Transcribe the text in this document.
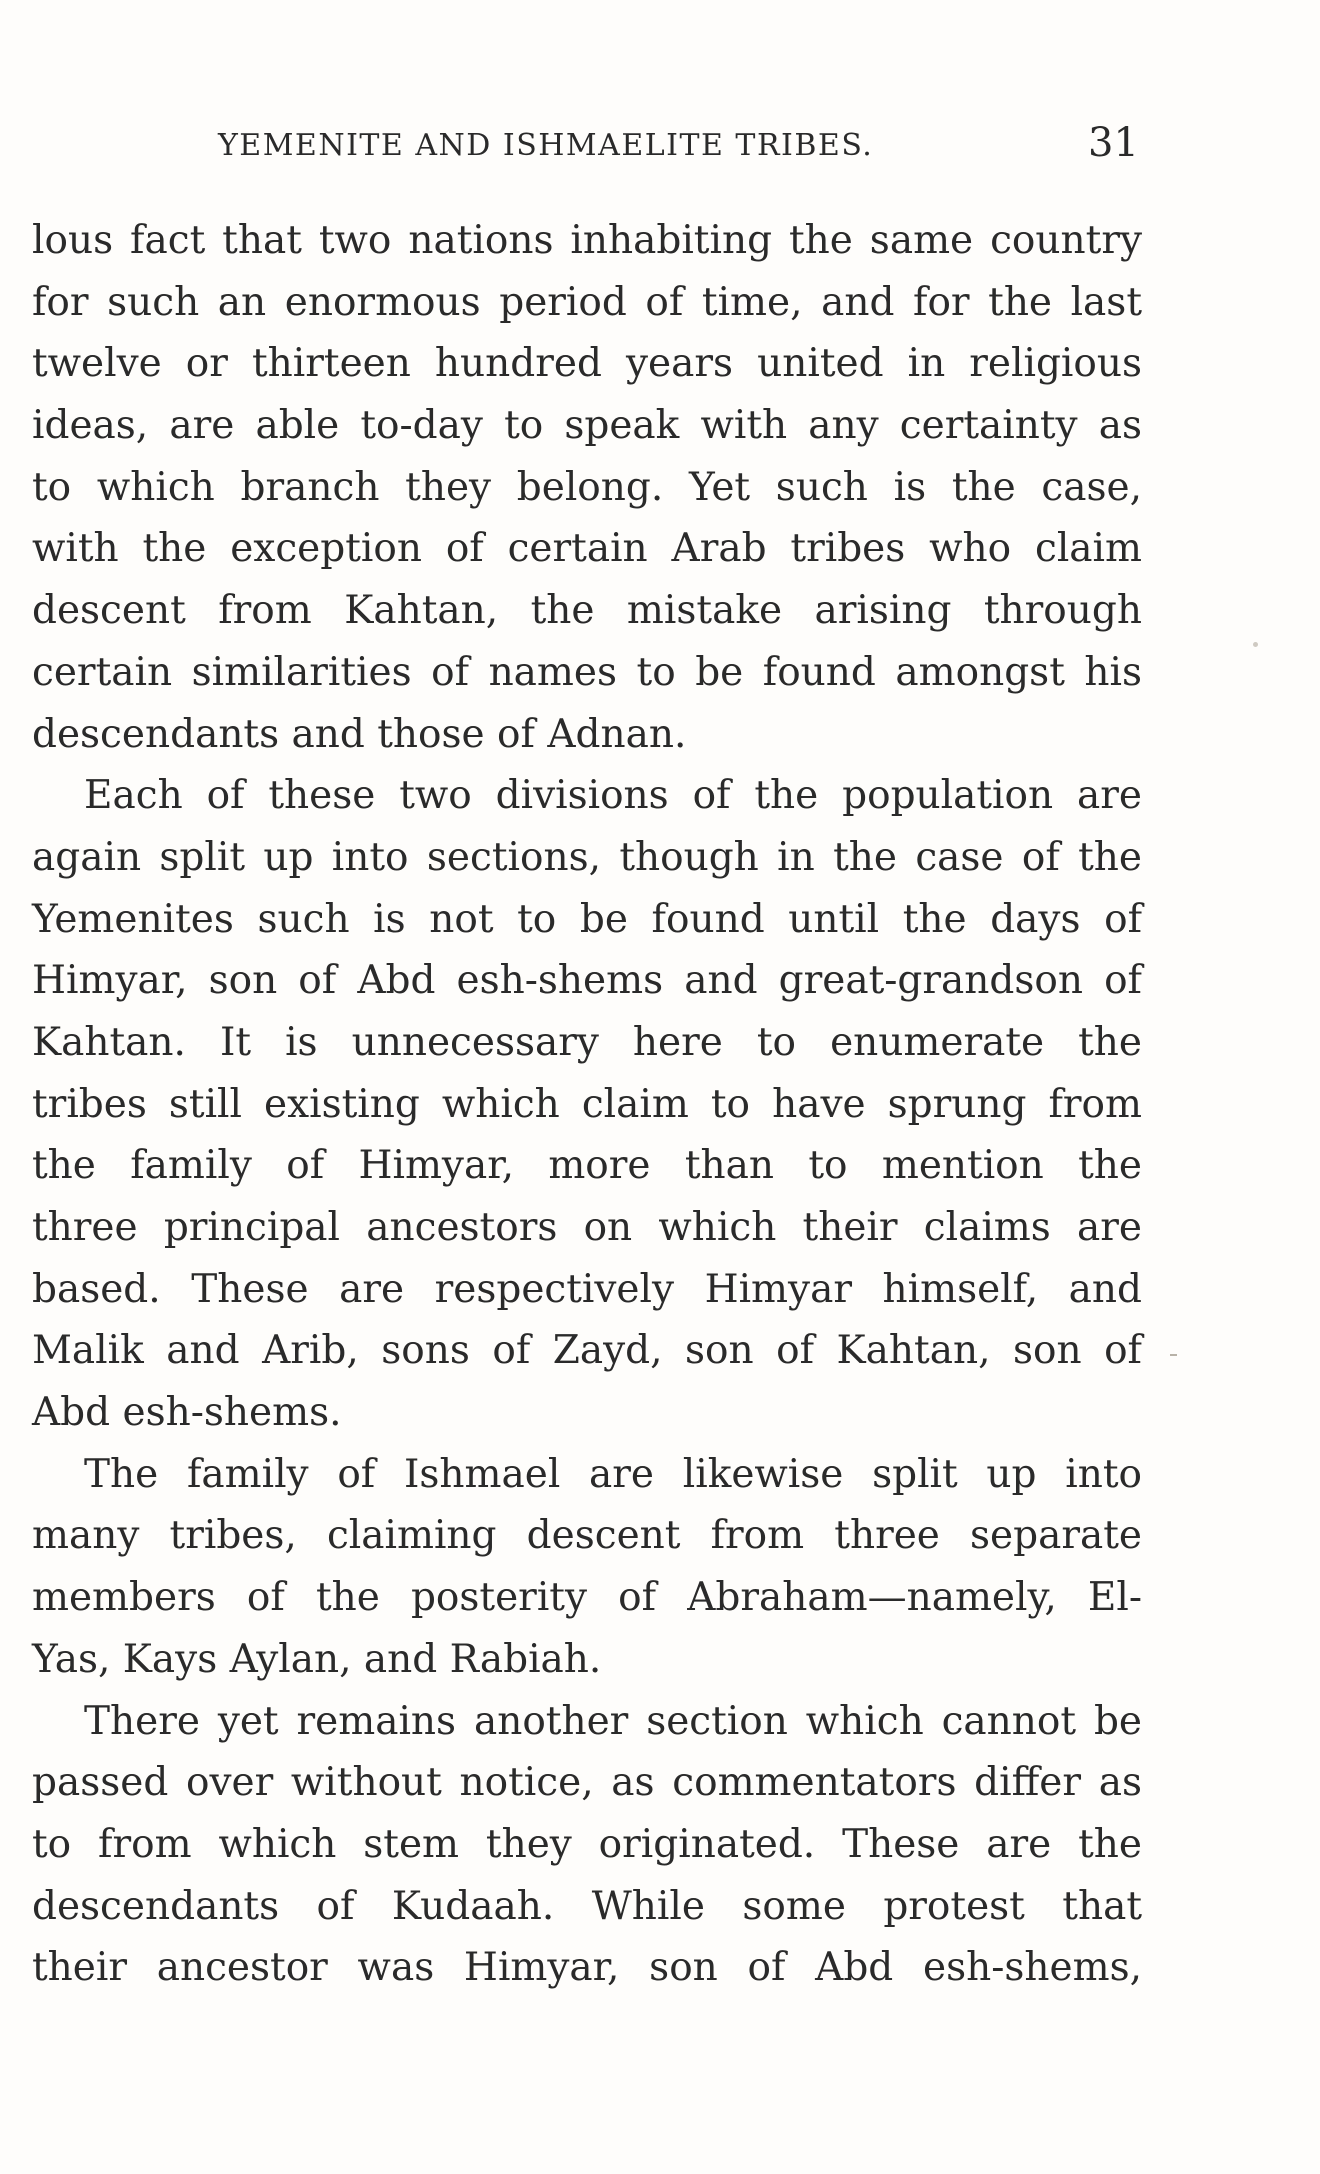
YEMENITE AND ISHMAELITE TRIBES.	31
lous fact that two nations inhabiting the same country
for such an enormous period of time, and for the last
twelve or thirteen hundred years united in religious
ideas, are able to-day to speak with any certainty as
to which branch they belong. Yet such is the case,
with the exception of certain Arab tribes who claim
descent from Kahtan, the mistake arising through
certain similarities of names to be found amongst his
descendants and those of Adnan.
Each of these two divisions of the population are
again split up into sections, though in the case of the
Yemenites such is not to be found until the days of
Himyar, son of Abd esh-shems and great-grandson of
Kahtan. It is unnecessary here to enumerate the
tribes still existing which claim to have sprung from
the family of Himyar, more than to mention the
three principal ancestors on which their claims are
based. These are respectively Himyar himself, and
Malik and Arib, sons of Zayd, son of Kahtan, son of
Abd esh-shems.
The family of Ishmael are likewise split up into
many tribes, claiming descent from three separate
members of the posterity of Abraham—namely, El-
Yas, Kays Aylan, and Rabiah.
There yet remains another section which cannot be
passed over without notice, as commentators differ as
to from which stem they originated. These are the
descendants of Kudaah. While some protest that
their ancestor was Himyar, son of Abd esh-shems,
